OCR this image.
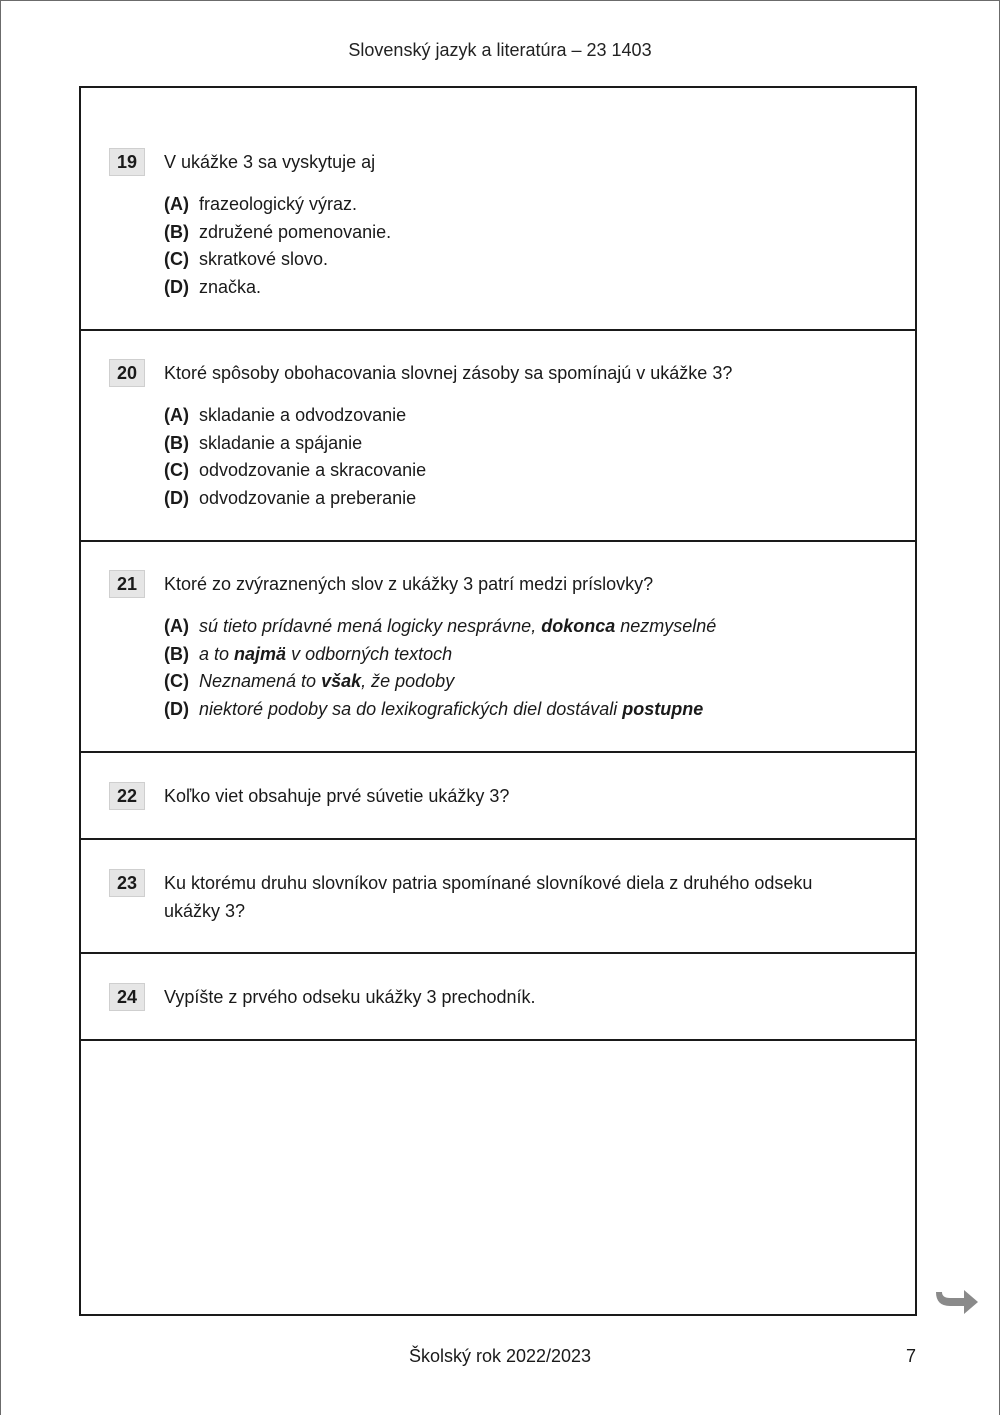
Slovenský jazyk a literatúra – 23 1403
19	V ukážke 3 sa vyskytuje aj
(A) frazeologický výraz.
(B) združené pomenovanie.
(C) skratkové slovo.
(D) značka.
20	Ktoré spôsoby obohacovania slovnej zásoby sa spomínajú v ukážke 3?
(A) skladanie a odvodzovanie
(B) skladanie a spájanie
(C) odvodzovanie a skracovanie
(D) odvodzovanie a preberanie
21	Ktoré zo zvýraznených slov z ukážky 3 patrí medzi príslovky?
(A) sú tieto prídavné mená logicky nesprávne, dokonca nezmyselné
(B) a to najmä v odborných textoch
(C) Neznamená to však, že podoby
(D) niektoré podoby sa do lexikografických diel dostávali postupne
22	Koľko viet obsahuje prvé súvetie ukážky 3?
23	Ku ktorému druhu slovníkov patria spomínané slovníkové diela z druhého odseku ukážky 3?
24	Vypíšte z prvého odseku ukážky 3 prechodník.
Školský rok 2022/2023	7
